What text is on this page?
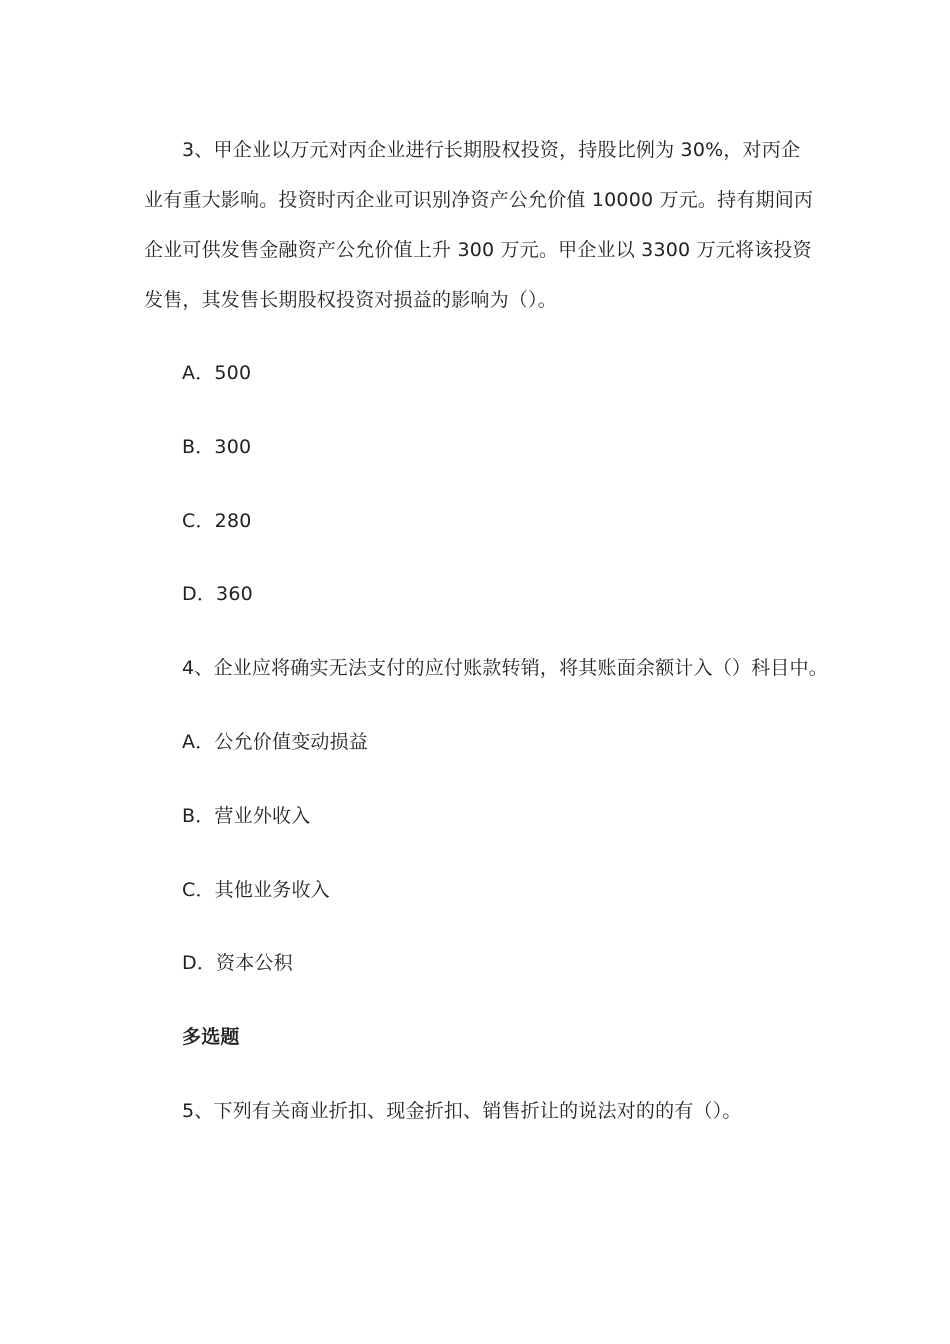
3、甲企业以万元对丙企业进行长期股权投资，持股比例为 30%，对丙企
业有重大影响。投资时丙企业可识别净资产公允价值 10000 万元。持有期间丙
企业可供发售金融资产公允价值上升 300 万元。甲企业以 3300 万元将该投资
发售，其发售长期股权投资对损益的影响为（）。
A．500
B．300
C．280
D．360
4、企业应将确实无法支付的应付账款转销，将其账面余额计入（）科目中。
A．公允价值变动损益
B．营业外收入
C．其他业务收入
D．资本公积
多选题
5、下列有关商业折扣、现金折扣、销售折让的说法对的的有（）。
